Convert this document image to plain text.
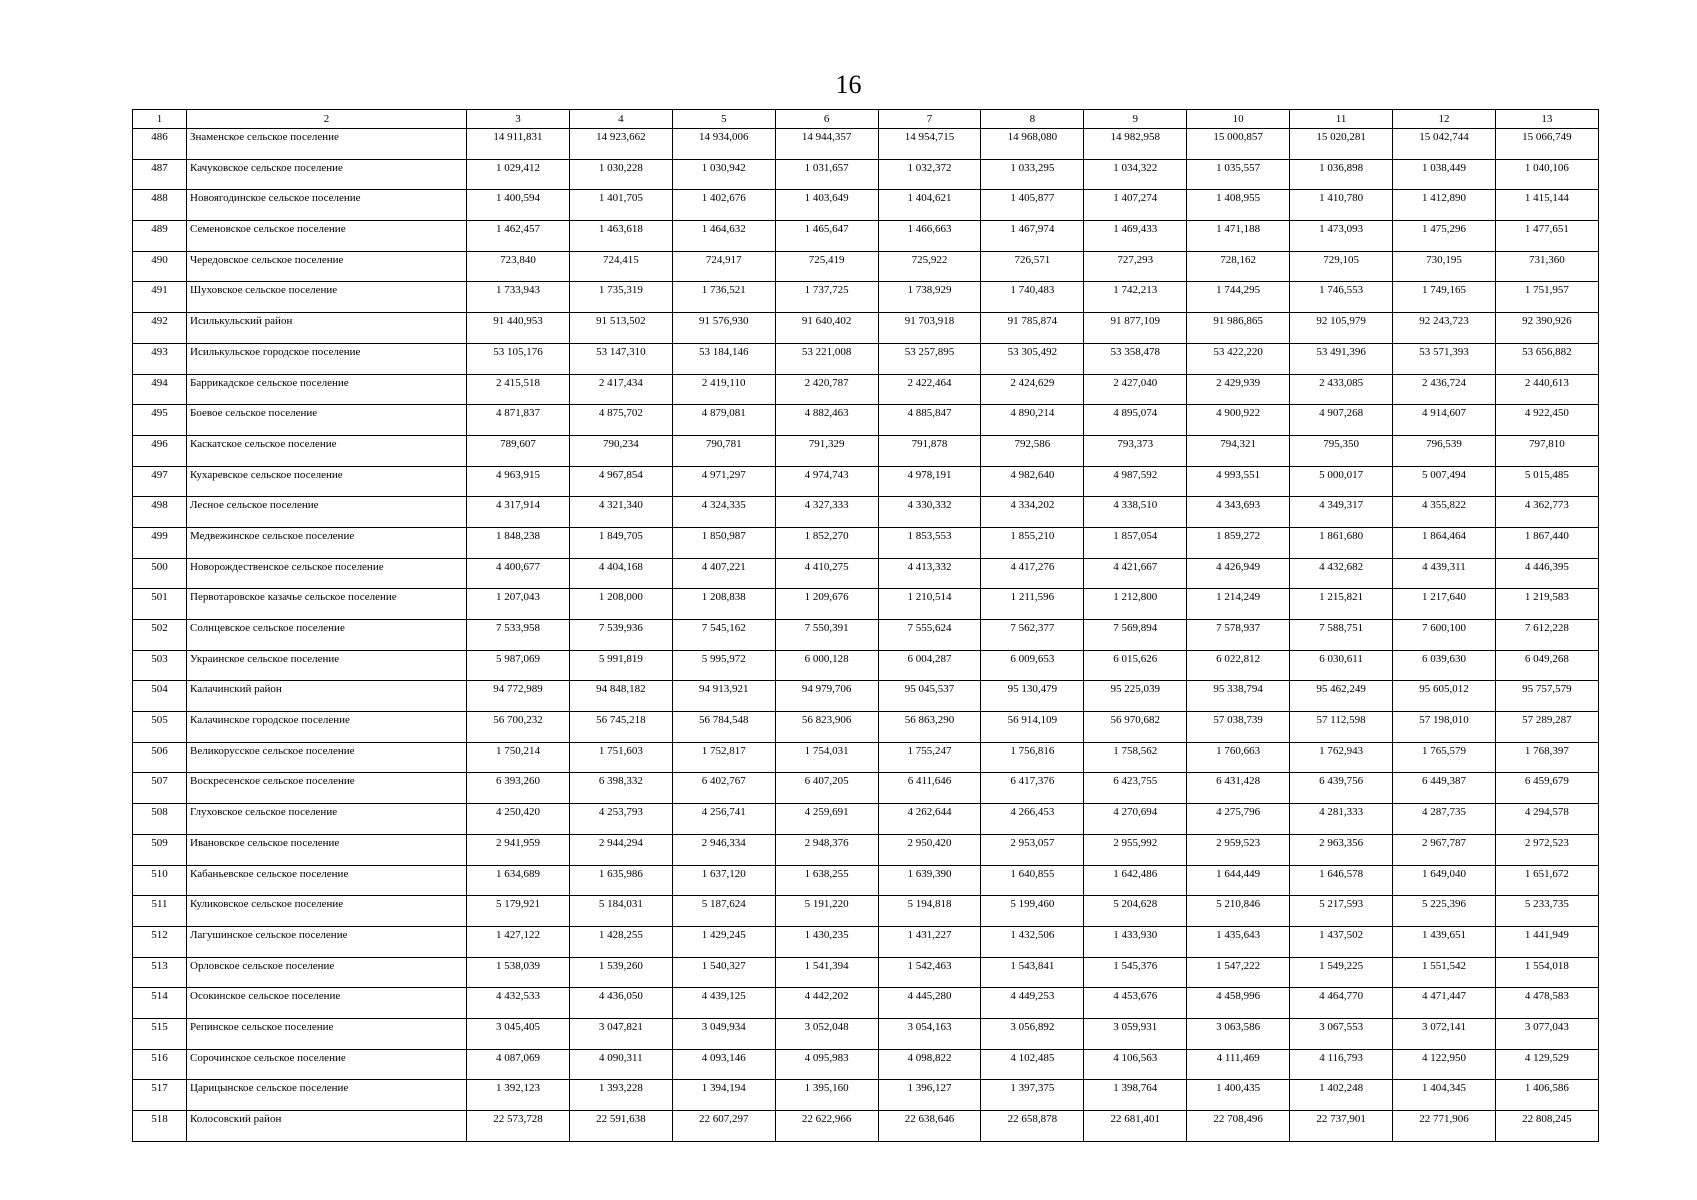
16
1	2	3	4	5	6	7	8	9	10	11	12	13
486	Знаменское сельское поселение	14 911,831	14 923,662	14 934,006	14 944,357	14 954,715	14 968,080	14 982,958	15 000,857	15 020,281	15 042,744	15 066,749
487	Качуковское сельское поселение	1 029,412	1 030,228	1 030,942	1 031,657	1 032,372	1 033,295	1 034,322	1 035,557	1 036,898	1 038,449	1 040,106
488	Новоягодинское сельское поселение	1 400,594	1 401,705	1 402,676	1 403,649	1 404,621	1 405,877	1 407,274	1 408,955	1 410,780	1 412,890	1 415,144
489	Семеновское сельское поселение	1 462,457	1 463,618	1 464,632	1 465,647	1 466,663	1 467,974	1 469,433	1 471,188	1 473,093	1 475,296	1 477,651
490	Чередовское сельское поселение	723,840	724,415	724,917	725,419	725,922	726,571	727,293	728,162	729,105	730,195	731,360
491	Шуховское сельское поселение	1 733,943	1 735,319	1 736,521	1 737,725	1 738,929	1 740,483	1 742,213	1 744,295	1 746,553	1 749,165	1 751,957
492	Исилькульский район	91 440,953	91 513,502	91 576,930	91 640,402	91 703,918	91 785,874	91 877,109	91 986,865	92 105,979	92 243,723	92 390,926
493	Исилькульское городское поселение	53 105,176	53 147,310	53 184,146	53 221,008	53 257,895	53 305,492	53 358,478	53 422,220	53 491,396	53 571,393	53 656,882
494	Баррикадское сельское поселение	2 415,518	2 417,434	2 419,110	2 420,787	2 422,464	2 424,629	2 427,040	2 429,939	2 433,085	2 436,724	2 440,613
495	Боевое сельское поселение	4 871,837	4 875,702	4 879,081	4 882,463	4 885,847	4 890,214	4 895,074	4 900,922	4 907,268	4 914,607	4 922,450
496	Каскатское сельское поселение	789,607	790,234	790,781	791,329	791,878	792,586	793,373	794,321	795,350	796,539	797,810
497	Кухаревское сельское поселение	4 963,915	4 967,854	4 971,297	4 974,743	4 978,191	4 982,640	4 987,592	4 993,551	5 000,017	5 007,494	5 015,485
498	Лесное сельское поселение	4 317,914	4 321,340	4 324,335	4 327,333	4 330,332	4 334,202	4 338,510	4 343,693	4 349,317	4 355,822	4 362,773
499	Медвежинское сельское поселение	1 848,238	1 849,705	1 850,987	1 852,270	1 853,553	1 855,210	1 857,054	1 859,272	1 861,680	1 864,464	1 867,440
500	Новорождественское сельское поселение	4 400,677	4 404,168	4 407,221	4 410,275	4 413,332	4 417,276	4 421,667	4 426,949	4 432,682	4 439,311	4 446,395
501	Первотаровское казачье сельское поселение	1 207,043	1 208,000	1 208,838	1 209,676	1 210,514	1 211,596	1 212,800	1 214,249	1 215,821	1 217,640	1 219,583
502	Солнцевское сельское поселение	7 533,958	7 539,936	7 545,162	7 550,391	7 555,624	7 562,377	7 569,894	7 578,937	7 588,751	7 600,100	7 612,228
503	Украинское сельское поселение	5 987,069	5 991,819	5 995,972	6 000,128	6 004,287	6 009,653	6 015,626	6 022,812	6 030,611	6 039,630	6 049,268
504	Калачинский район	94 772,989	94 848,182	94 913,921	94 979,706	95 045,537	95 130,479	95 225,039	95 338,794	95 462,249	95 605,012	95 757,579
505	Калачинское городское поселение	56 700,232	56 745,218	56 784,548	56 823,906	56 863,290	56 914,109	56 970,682	57 038,739	57 112,598	57 198,010	57 289,287
506	Великорусское сельское поселение	1 750,214	1 751,603	1 752,817	1 754,031	1 755,247	1 756,816	1 758,562	1 760,663	1 762,943	1 765,579	1 768,397
507	Воскресенское сельское поселение	6 393,260	6 398,332	6 402,767	6 407,205	6 411,646	6 417,376	6 423,755	6 431,428	6 439,756	6 449,387	6 459,679
508	Глуховское сельское поселение	4 250,420	4 253,793	4 256,741	4 259,691	4 262,644	4 266,453	4 270,694	4 275,796	4 281,333	4 287,735	4 294,578
509	Ивановское сельское поселение	2 941,959	2 944,294	2 946,334	2 948,376	2 950,420	2 953,057	2 955,992	2 959,523	2 963,356	2 967,787	2 972,523
510	Кабаньевское сельское поселение	1 634,689	1 635,986	1 637,120	1 638,255	1 639,390	1 640,855	1 642,486	1 644,449	1 646,578	1 649,040	1 651,672
511	Куликовское сельское поселение	5 179,921	5 184,031	5 187,624	5 191,220	5 194,818	5 199,460	5 204,628	5 210,846	5 217,593	5 225,396	5 233,735
512	Лагушинское сельское поселение	1 427,122	1 428,255	1 429,245	1 430,235	1 431,227	1 432,506	1 433,930	1 435,643	1 437,502	1 439,651	1 441,949
513	Орловское сельское поселение	1 538,039	1 539,260	1 540,327	1 541,394	1 542,463	1 543,841	1 545,376	1 547,222	1 549,225	1 551,542	1 554,018
514	Осокинское сельское поселение	4 432,533	4 436,050	4 439,125	4 442,202	4 445,280	4 449,253	4 453,676	4 458,996	4 464,770	4 471,447	4 478,583
515	Репинское сельское поселение	3 045,405	3 047,821	3 049,934	3 052,048	3 054,163	3 056,892	3 059,931	3 063,586	3 067,553	3 072,141	3 077,043
516	Сорочинское сельское поселение	4 087,069	4 090,311	4 093,146	4 095,983	4 098,822	4 102,485	4 106,563	4 111,469	4 116,793	4 122,950	4 129,529
517	Царицынское сельское поселение	1 392,123	1 393,228	1 394,194	1 395,160	1 396,127	1 397,375	1 398,764	1 400,435	1 402,248	1 404,345	1 406,586
518	Колосовский район	22 573,728	22 591,638	22 607,297	22 622,966	22 638,646	22 658,878	22 681,401	22 708,496	22 737,901	22 771,906	22 808,245
